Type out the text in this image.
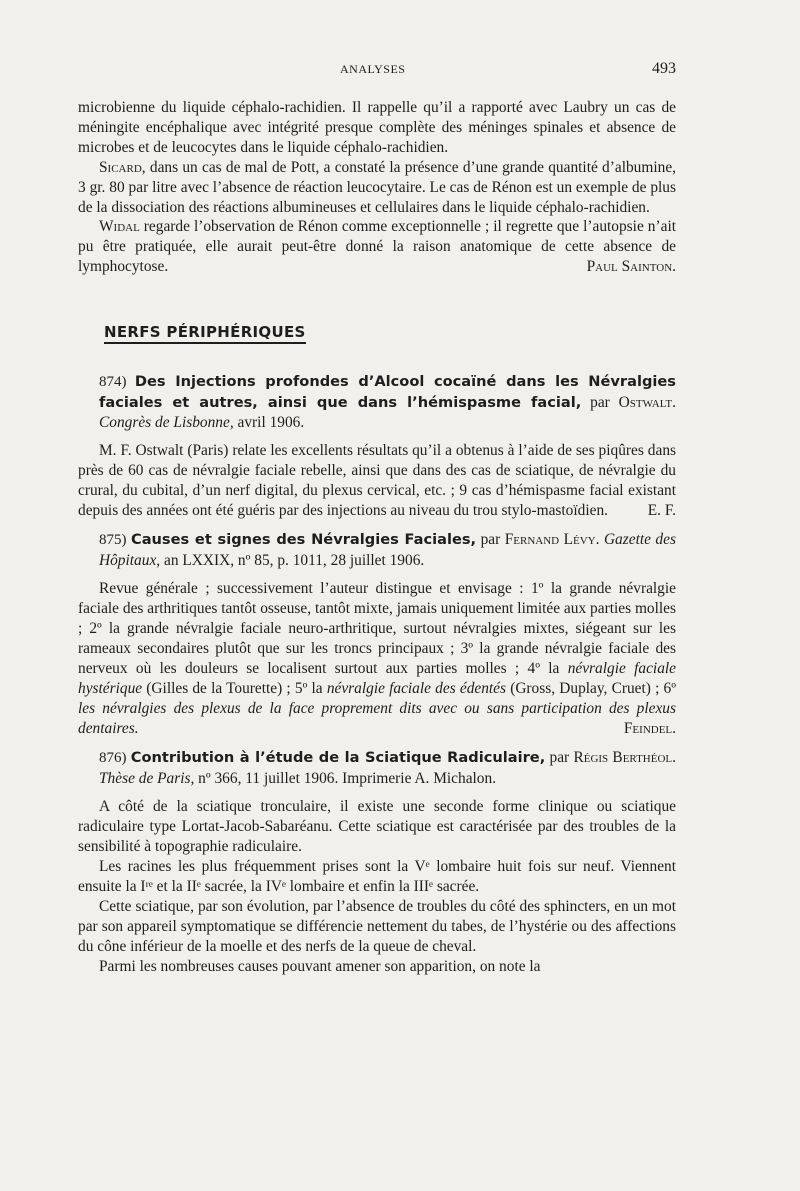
ANALYSES	493

microbienne du liquide céphalo-rachidien. Il rappelle qu’il a rapporté avec Laubry un cas de méningite encéphalique avec intégrité presque complète des méninges spinales et absence de microbes et de leucocytes dans le liquide céphalo-rachidien.

Sicard, dans un cas de mal de Pott, a constaté la présence d’une grande quantité d’albumine, 3 gr. 80 par litre avec l’absence de réaction leucocytaire. Le cas de Rénon est un exemple de plus de la dissociation des réactions albumineuses et cellulaires dans le liquide céphalo-rachidien.

Widal regarde l’observation de Rénon comme exceptionnelle ; il regrette que l’autopsie n’ait pu être pratiquée, elle aurait peut-être donné la raison anatomique de cette absence de lymphocytose.	Paul Sainton.

NERFS PÉRIPHÉRIQUES

874) Des Injections profondes d’Alcool cocaïné dans les Névralgies faciales et autres, ainsi que dans l’hémispasme facial, par Ostwalt. Congrès de Lisbonne, avril 1906.

M. F. Ostwalt (Paris) relate les excellents résultats qu’il a obtenus à l’aide de ses piqûres dans près de 60 cas de névralgie faciale rebelle, ainsi que dans des cas de sciatique, de névralgie du crural, du cubital, d’un nerf digital, du plexus cervical, etc. ; 9 cas d’hémispasme facial existant depuis des années ont été guéris par des injections au niveau du trou stylo-mastoïdien.	E. F.

875) Causes et signes des Névralgies Faciales, par Fernand Lévy. Gazette des Hôpitaux, an LXXIX, nº 85, p. 1011, 28 juillet 1906.

Revue générale ; successivement l’auteur distingue et envisage : 1º la grande névralgie faciale des arthritiques tantôt osseuse, tantôt mixte, jamais uniquement limitée aux parties molles ; 2º la grande névralgie faciale neuro-arthritique, surtout névralgies mixtes, siégeant sur les rameaux secondaires plutôt que sur les troncs principaux ; 3º la grande névralgie faciale des nerveux où les douleurs se localisent surtout aux parties molles ; 4º la névralgie faciale hystérique (Gilles de la Tourette) ; 5º la névralgie faciale des édentés (Gross, Duplay, Cruet) ; 6º les névralgies des plexus de la face proprement dits avec ou sans participation des plexus dentaires.	Feindel.

876) Contribution à l’étude de la Sciatique Radiculaire, par Régis Berthéol. Thèse de Paris, nº 366, 11 juillet 1906. Imprimerie A. Michalon.

A côté de la sciatique tronculaire, il existe une seconde forme clinique ou sciatique radiculaire type Lortat-Jacob-Sabaréanu. Cette sciatique est caractérisée par des troubles de la sensibilité à topographie radiculaire.

Les racines les plus fréquemment prises sont la Vᵉ lombaire huit fois sur neuf. Viennent ensuite la Iʳᵉ et la IIᵉ sacrée, la IVᵉ lombaire et enfin la IIIᵉ sacrée.

Cette sciatique, par son évolution, par l’absence de troubles du côté des sphincters, en un mot par son appareil symptomatique se différencie nettement du tabes, de l’hystérie ou des affections du cône inférieur de la moelle et des nerfs de la queue de cheval.

Parmi les nombreuses causes pouvant amener son apparition, on note la
